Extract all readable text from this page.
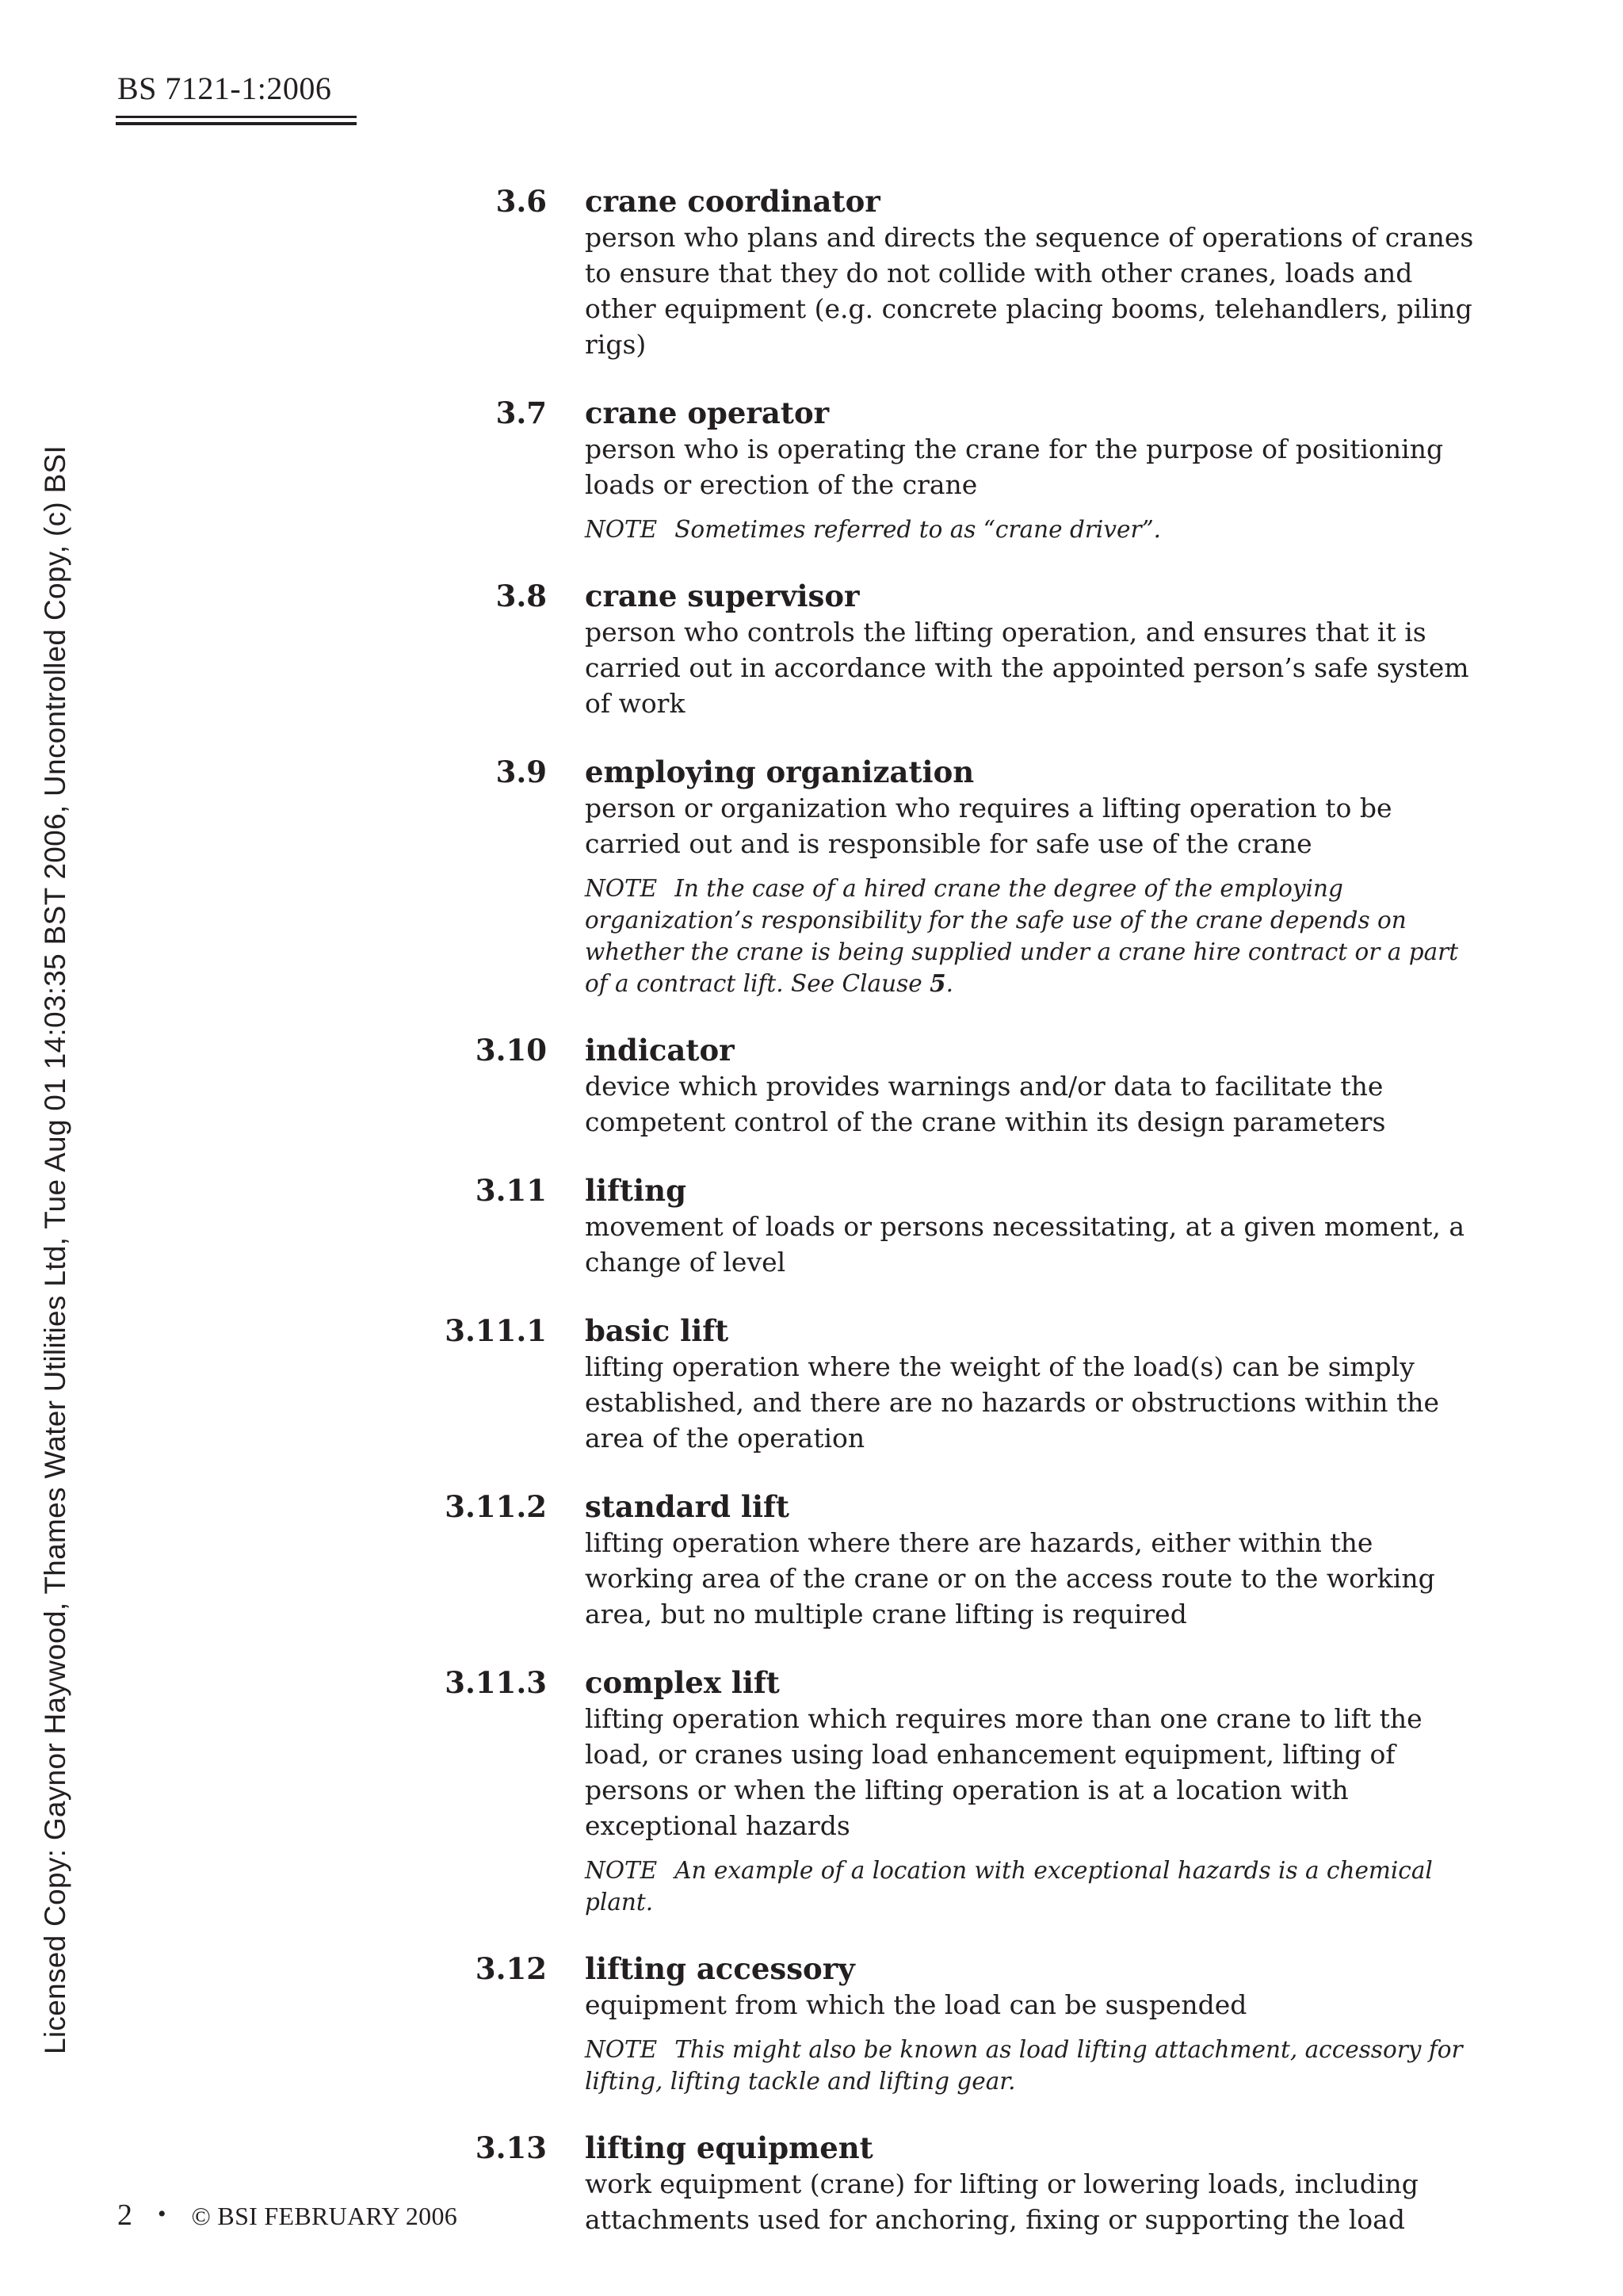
BS 7121-1:2006
Licensed Copy: Gaynor Haywood, Thames Water Utilities Ltd, Tue Aug 01 14:03:35 BST 2006, Uncontrolled Copy, (c) BSI
3.6 crane coordinator
person who plans and directs the sequence of operations of cranes to ensure that they do not collide with other cranes, loads and other equipment (e.g. concrete placing booms, telehandlers, piling rigs)
3.7 crane operator
person who is operating the crane for the purpose of positioning loads or erection of the crane
NOTE Sometimes referred to as “crane driver”.
3.8 crane supervisor
person who controls the lifting operation, and ensures that it is carried out in accordance with the appointed person’s safe system of work
3.9 employing organization
person or organization who requires a lifting operation to be carried out and is responsible for safe use of the crane
NOTE In the case of a hired crane the degree of the employing organization’s responsibility for the safe use of the crane depends on whether the crane is being supplied under a crane hire contract or a part of a contract lift. See Clause 5.
3.10 indicator
device which provides warnings and/or data to facilitate the competent control of the crane within its design parameters
3.11 lifting
movement of loads or persons necessitating, at a given moment, a change of level
3.11.1 basic lift
lifting operation where the weight of the load(s) can be simply established, and there are no hazards or obstructions within the area of the operation
3.11.2 standard lift
lifting operation where there are hazards, either within the working area of the crane or on the access route to the working area, but no multiple crane lifting is required
3.11.3 complex lift
lifting operation which requires more than one crane to lift the load, or cranes using load enhancement equipment, lifting of persons or when the lifting operation is at a location with exceptional hazards
NOTE An example of a location with exceptional hazards is a chemical plant.
3.12 lifting accessory
equipment from which the load can be suspended
NOTE This might also be known as load lifting attachment, accessory for lifting, lifting tackle and lifting gear.
3.13 lifting equipment
work equipment (crane) for lifting or lowering loads, including attachments used for anchoring, fixing or supporting the load
2 • © BSI FEBRUARY 2006
